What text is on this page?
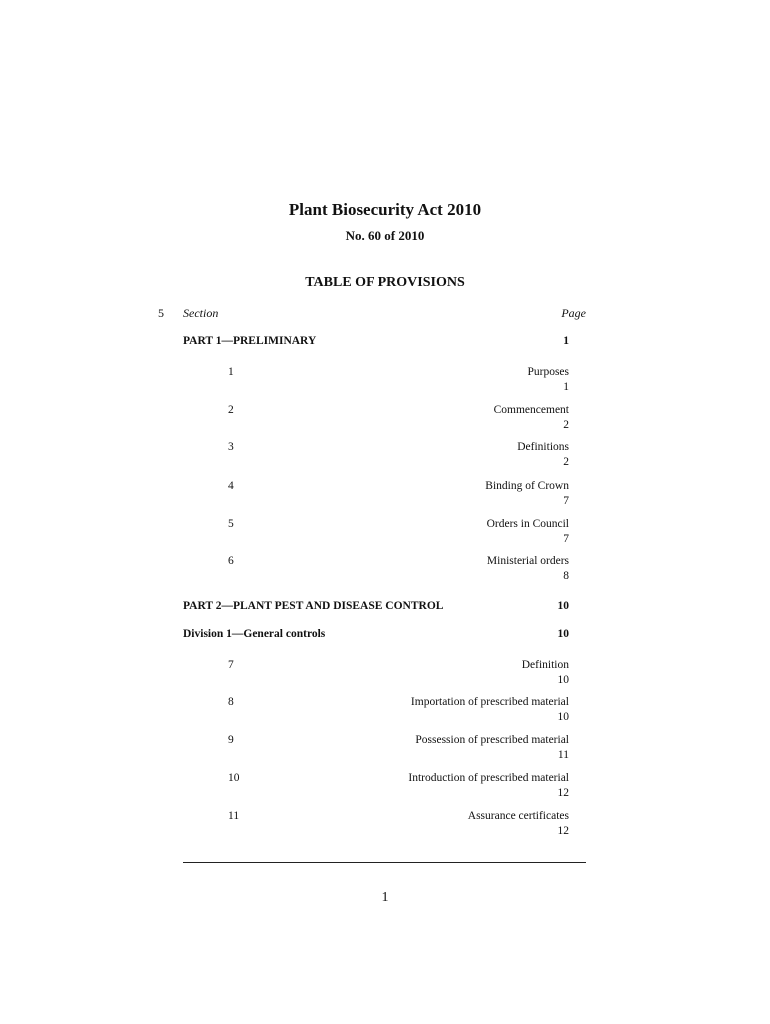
Plant Biosecurity Act 2010
No. 60 of 2010
TABLE OF PROVISIONS
5 Section	Page
PART 1—PRELIMINARY	1
1	Purposes
1
2	Commencement
2
3	Definitions
2
4	Binding of Crown
7
5	Orders in Council
7
6	Ministerial orders
8
PART 2—PLANT PEST AND DISEASE CONTROL	10
Division 1—General controls	10
7	Definition
10
8	Importation of prescribed material
10
9	Possession of prescribed material
11
10	Introduction of prescribed material
12
11	Assurance certificates
12
1
